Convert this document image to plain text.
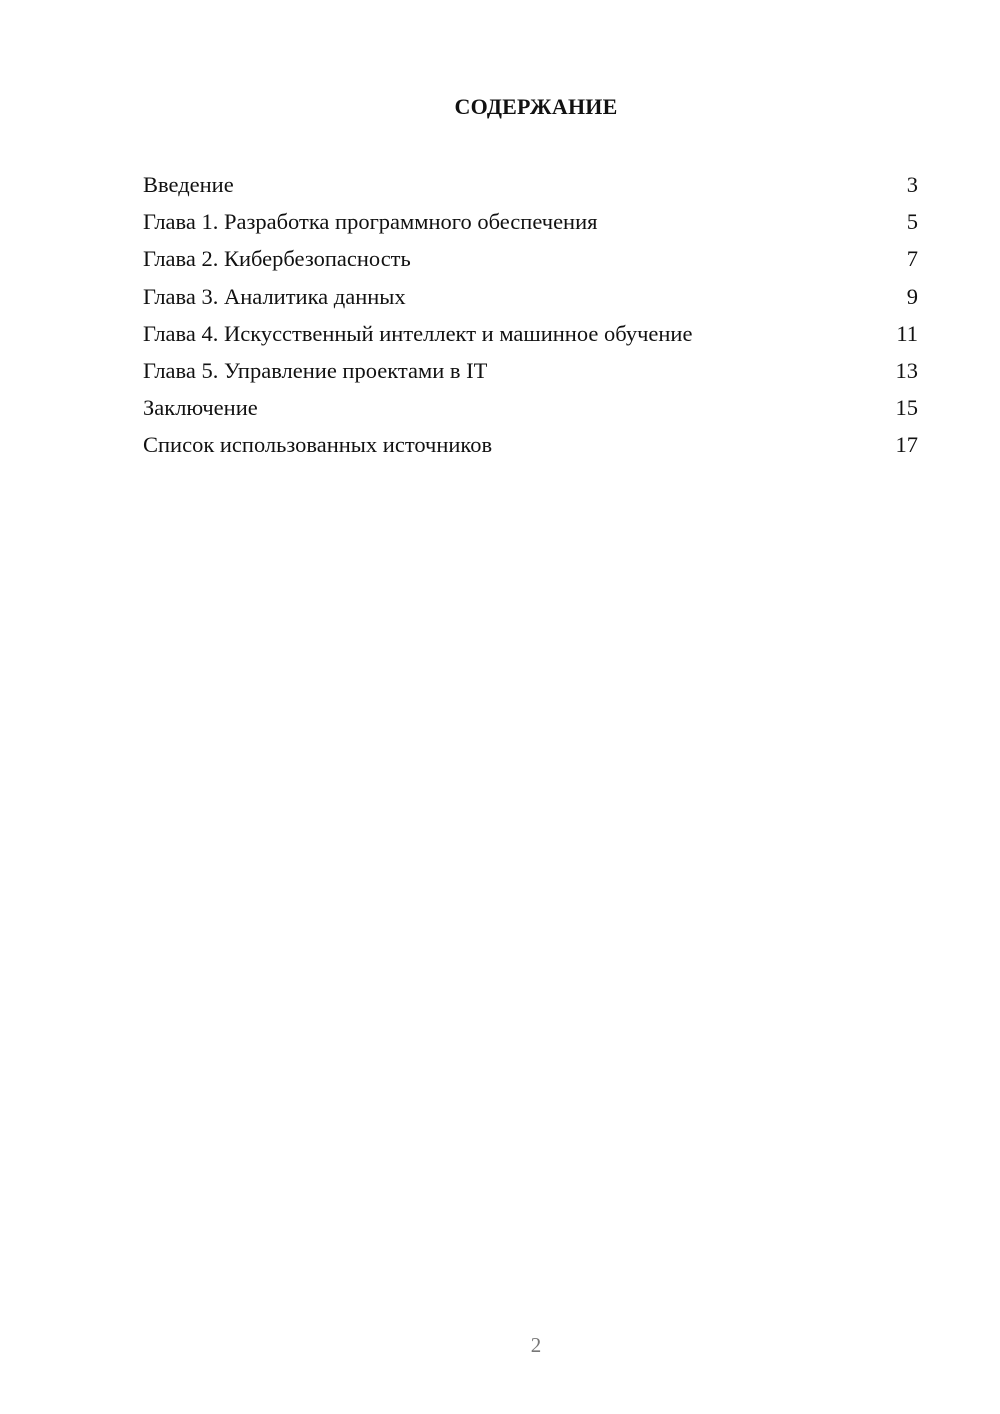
СОДЕРЖАНИЕ
Введение	3
Глава 1. Разработка программного обеспечения	5
Глава 2. Кибербезопасность	7
Глава 3. Аналитика данных	9
Глава 4. Искусственный интеллект и машинное обучение	11
Глава 5. Управление проектами в IT	13
Заключение	15
Список использованных источников	17
2
